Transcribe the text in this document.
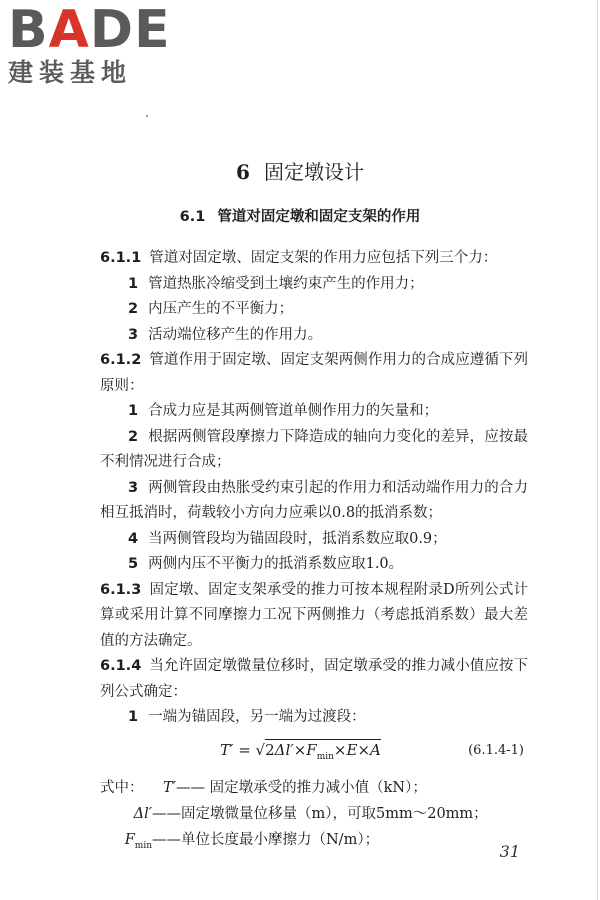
BADE
建装基地
6 固定墩设计
6.1 管道对固定墩和固定支架的作用

6.1.1 管道对固定墩、固定支架的作用力应包括下列三个力：

1 管道热胀冷缩受到土壤约束产生的作用力；

2 内压产生的不平衡力；

3 活动端位移产生的作用力。

6.1.2 管道作用于固定墩、固定支架两侧作用力的合成应遵循下列原则：

1 合成力应是其两侧管道单侧作用力的矢量和；

2 根据两侧管段摩擦力下降造成的轴向力变化的差异，应按最不利情况进行合成；

3 两侧管段由热胀受约束引起的作用力和活动端作用力的合力相互抵消时，荷载较小方向力应乘以0.8的抵消系数；

4 当两侧管段均为锚固段时，抵消系数应取0.9；

5 两侧内压不平衡力的抵消系数应取1.0。

6.1.3 固定墩、固定支架承受的推力可按本规程附录D所列公式计算或采用计算不同摩擦力工况下两侧推力（考虑抵消系数）最大差值的方法确定。

6.1.4 当允许固定墩微量位移时，固定墩承受的推力减小值应按下列公式确定：

1 一端为锚固段，另一端为过渡段：

$T' = √2\Delta l'\times F_{min}\times E\times A$	(6.1.4-1)

式中： T′—— 固定墩承受的推力减小值（kN）；

Δl′——固定墩微量位移量（m），可取5mm～20mm；

$F_{min}——$单位长度最小摩擦力（N/m）；

31
